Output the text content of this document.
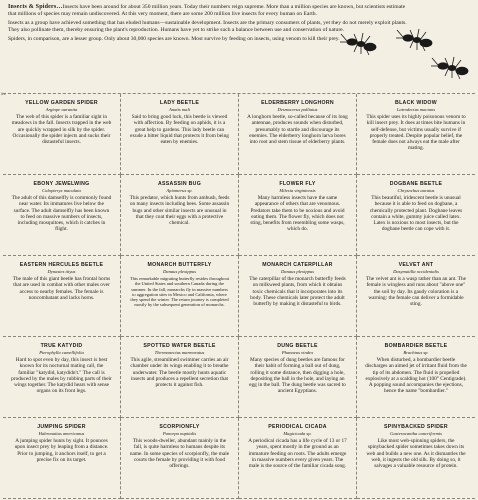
Insects & Spiders…Insects have been around for about 350 million years. Today their numbers reign supreme. More than a million species are known, but scientists estimate that millions of species may remain undiscovered. At this very moment, there are some 200 million live insects for every human on Earth.

Insects as a group have achieved something that has eluded humans—sustainable development. Insects are the primary consumers of plants, yet they do not merely exploit plants. They also pollinate them, thereby ensuring the plant's reproduction. Humans have yet to strike such a balance between use and conservation of nature.

Spiders, in comparison, are a lesser group. Only about 30,000 species are known. Most survive by feeding on insects, using venom to kill their prey.

✂
YELLOW GARDEN SPIDER
Argiope aurantia
The web of this spider is a familiar sight in meadows in the fall. Insects trapped in the web are quickly wrapped in silk by the spider. Occasionally the spider injects and sucks their distasteful insects.
LADY BEETLE
Anatis mali
Said to bring good luck, this beetle is viewed with affection. By feeding on aphids, it is a great help to gardens. This lady beetle can exude a bitter liquid that protects it from being eaten by enemies.
ELDERBERRY LONGHORN
Desmocerus palliatus
A longhorn beetle, so-called because of its long antennae, produces sounds when disturbed, presumably to startle and discourage its enemies. The elderberry longhorn larva bores into root and stem tissue of elderberry plants.
BLACK WIDOW
Latrodectus mactans
This spider uses its highly poisonous venom to kill insect prey. It does at times bite humans in self-defense, but victims usually survive if properly treated. Despite popular belief, the female does not always eat the male after mating.
EBONY JEWELWING
Calopteryx maculata
The adult of this damselfly is commonly found near water. Its immatures live below the surface. The adult damselfly has been known to feed on massive numbers of insects, including mosquitoes, which it catches in flight.
ASSASSIN BUG
Apiomerus sp.
This predator, which hunts from ambush, feeds on many insects including bees. Some assassin bugs and other similar insects are unusual in that they coat their eggs with a protective chemical.
FLOWER FLY
Milesia virginiensis
Many harmless insects have the same appearance of others that are venomous. Predators take them to be noxious and avoid eating them. The flower fly, which does not sting, benefits from resembling some wasps, which do.
DOGBANE BEETLE
Chrysochus auratus
This beautiful, iridescent beetle is unusual because it is able to feed on dogbane, a chemically protected plant. Dogbane leaves contain a white, gummy juice called latex. Latex is noxious to most insects, but the dogbane beetle can cope with it.
EASTERN HERCULES BEETLE
Dynastes tityus
The male of this giant beetle has frontal horns that are used in combat with other males over access to nearby females. The female is noncombatant and lacks horns.
MONARCH BUTTERFLY
Danaus plexippus
This remarkable migrating butterfly resides throughout the United States and southern Canada during the summer. In the fall, monarchs fly in massive numbers to aggregation sites in Mexico and California, where they spend the winter. The return journey is completed mostly by the subsequent generation of monarchs.
MONARCH CATERPILLAR
Danaus plexippus
The caterpillar of the monarch butterfly feeds on milkweed plants, from which it obtains toxic chemicals that it incorporates into its body. These chemicals later protect the adult butterfly by making it distasteful to birds.
VELVET ANT
Dasymutilla occidentalis
The velvet ant is a wasp rather than an ant. The female is wingless and runs about "above one" the soil by day. Its gaudy coloration is a warning: the female can deliver a formidable sting.
TRUE KATYDID
Pterophylla camellifolia
Hard to spot even by day, this insect is best known for its nocturnal mating call, the familiar "katydid, katydidn't." The call is produced by the males by rubbing parts of their wings together. The katydid hears with sense organs on its front legs.
SPOTTED WATER BEETLE
Thermonectus marmoratus
This agile, streamlined swimmer carries an air chamber under its wings enabling it to breathe underwater. The beetle mostly hunts aquatic insects and produces a repellent secretion that protects it against fish.
DUNG BEETLE
Phanaeus vindex
Many species of dung beetles are famous for their habit of forming a ball out of dung, rolling it some distance, then digging a hole, depositing the ball in the hole, and laying an egg in the ball. The dung beetle was sacred to ancient Egyptians.
BOMBARDIER BEETLE
Brachinus sp.
When disturbed, a bombardier beetle discharges an aimed jet of irritant fluid from the tip of its abdomen. The fluid is propelled explosively at a scalding hot (100° Centigrade). A popping sound accompanies the ejections, hence the name "bombardier."
JUMPING SPIDER
Habronattus americanus
A jumping spider hunts by sight. It pounces upon insect prey by leaping from a distance. Prior to jumping, it anchors itself, to get a precise fix on its target.
SCORPIONFLY
Panorpa nuptialis
This woods-dweller, abundant mainly in the fall, is quite harmless to humans despite its name. In some species of scorpionfly, the male courts the female by providing it with food offerings.
PERIODICAL CICADA
Magicicada sp.
A periodical cicada has a life cycle of 13 or 17 years, spent mostly in the ground as an immature feeding on roots. The adults emerge in massive numbers every given years. The male is the source of the familiar cicada song.
SPINYBACKED SPIDER
Gasteracantha cancriformis
Like most web-spinning spiders, the spinybacked spider sometimes takes down its web and builds a new one. As it dismantles the web, it ingests the old silk. By doing so, it salvages a valuable resource of protein.
